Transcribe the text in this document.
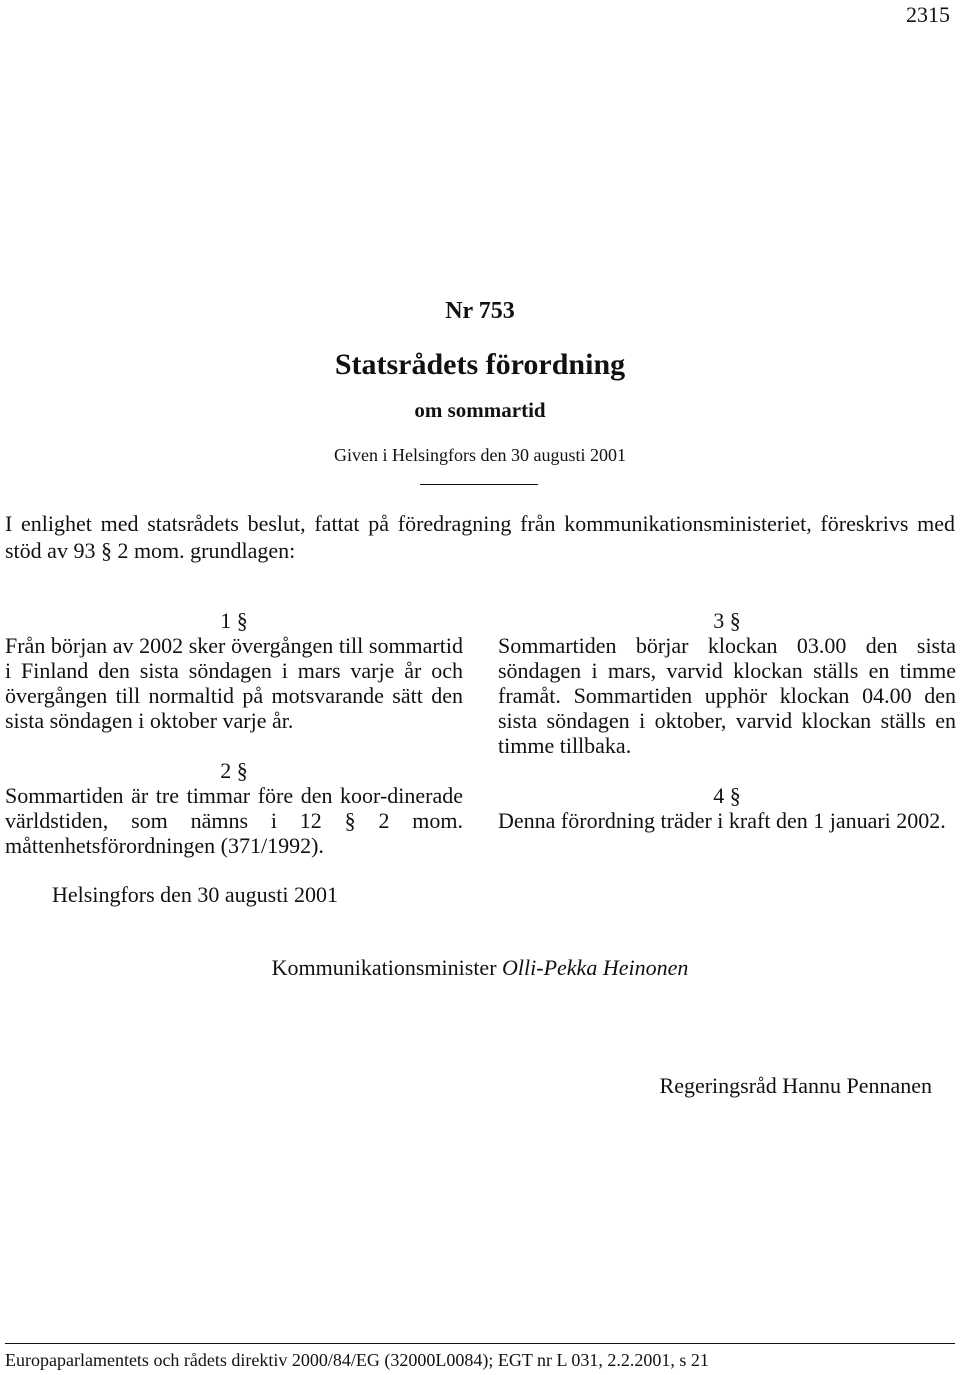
2315
Nr 753
Statsrådets förordning
om sommartid
Given i Helsingfors den 30 augusti 2001
I enlighet med statsrådets beslut, fattat på föredragning från kommunikationsministeriet, föreskrivs med stöd av 93 § 2 mom. grundlagen:
1 §
Från början av 2002 sker övergången till sommartid i Finland den sista söndagen i mars varje år och övergången till normaltid på motsvarande sätt den sista söndagen i oktober varje år.
2 §
Sommartiden är tre timmar före den koor-dinerade världstiden, som nämns i 12 § 2 mom. måttenhetsförordningen (371/1992).
3 §
Sommartiden börjar klockan 03.00 den sista söndagen i mars, varvid klockan ställs en timme framåt. Sommartiden upphör klockan 04.00 den sista söndagen i oktober, varvid klockan ställs en timme tillbaka.
4 §
Denna förordning träder i kraft den 1 januari 2002.
Helsingfors den 30 augusti 2001
Kommunikationsminister Olli-Pekka Heinonen
Regeringsråd Hannu Pennanen
Europaparlamentets och rådets direktiv 2000/84/EG (32000L0084); EGT nr L 031, 2.2.2001, s 21
